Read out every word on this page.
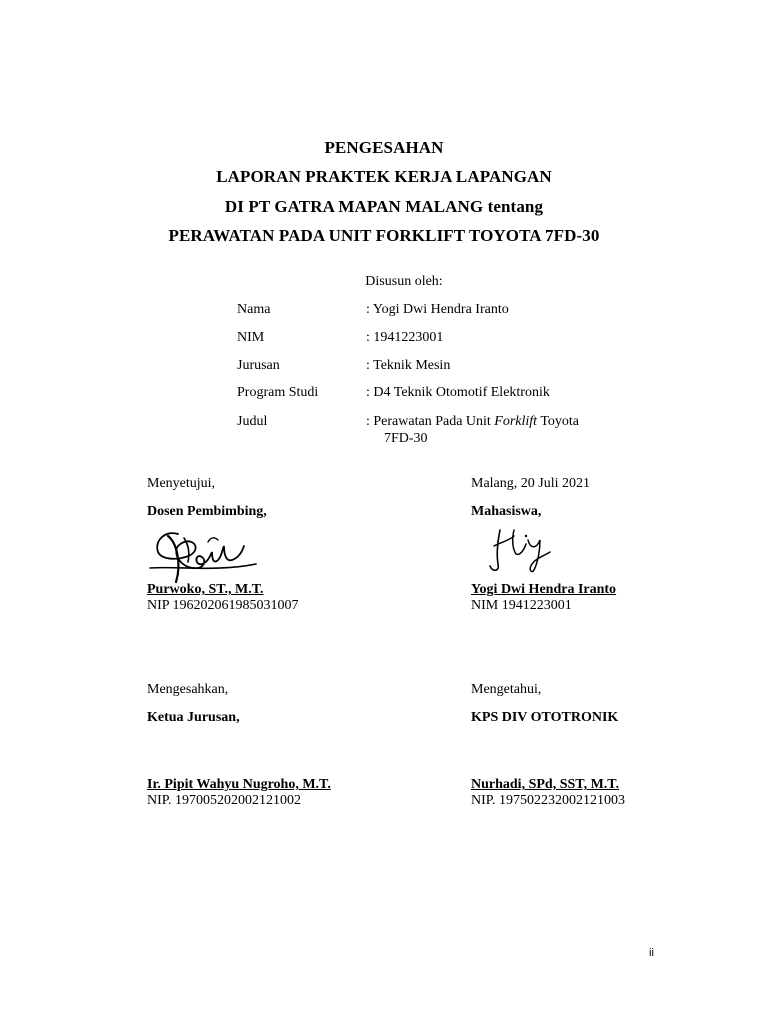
PENGESAHAN
LAPORAN PRAKTEK KERJA LAPANGAN
DI PT GATRA MAPAN MALANG tentang
PERAWATAN PADA UNIT FORKLIFT TOYOTA 7FD-30
Disusun oleh:
Nama	: Yogi Dwi Hendra Iranto
NIM	: 1941223001
Jurusan	: Teknik Mesin
Program Studi	: D4 Teknik Otomotif Elektronik
Judul	: Perawatan Pada Unit Forklift Toyota
7FD-30
Menyetujui,	Malang, 20 Juli 2021
Dosen Pembimbing,	Mahasiswa,
Purwoko, ST., M.T.	Yogi Dwi Hendra Iranto
NIP 196202061985031007	NIM 1941223001
Mengesahkan,	Mengetahui,
Ketua Jurusan,	KPS DIV OTOTRONIK
Ir. Pipit Wahyu Nugroho, M.T.	Nurhadi, SPd, SST, M.T.
NIP. 197005202002121002	NIP. 197502232002121003
ii
